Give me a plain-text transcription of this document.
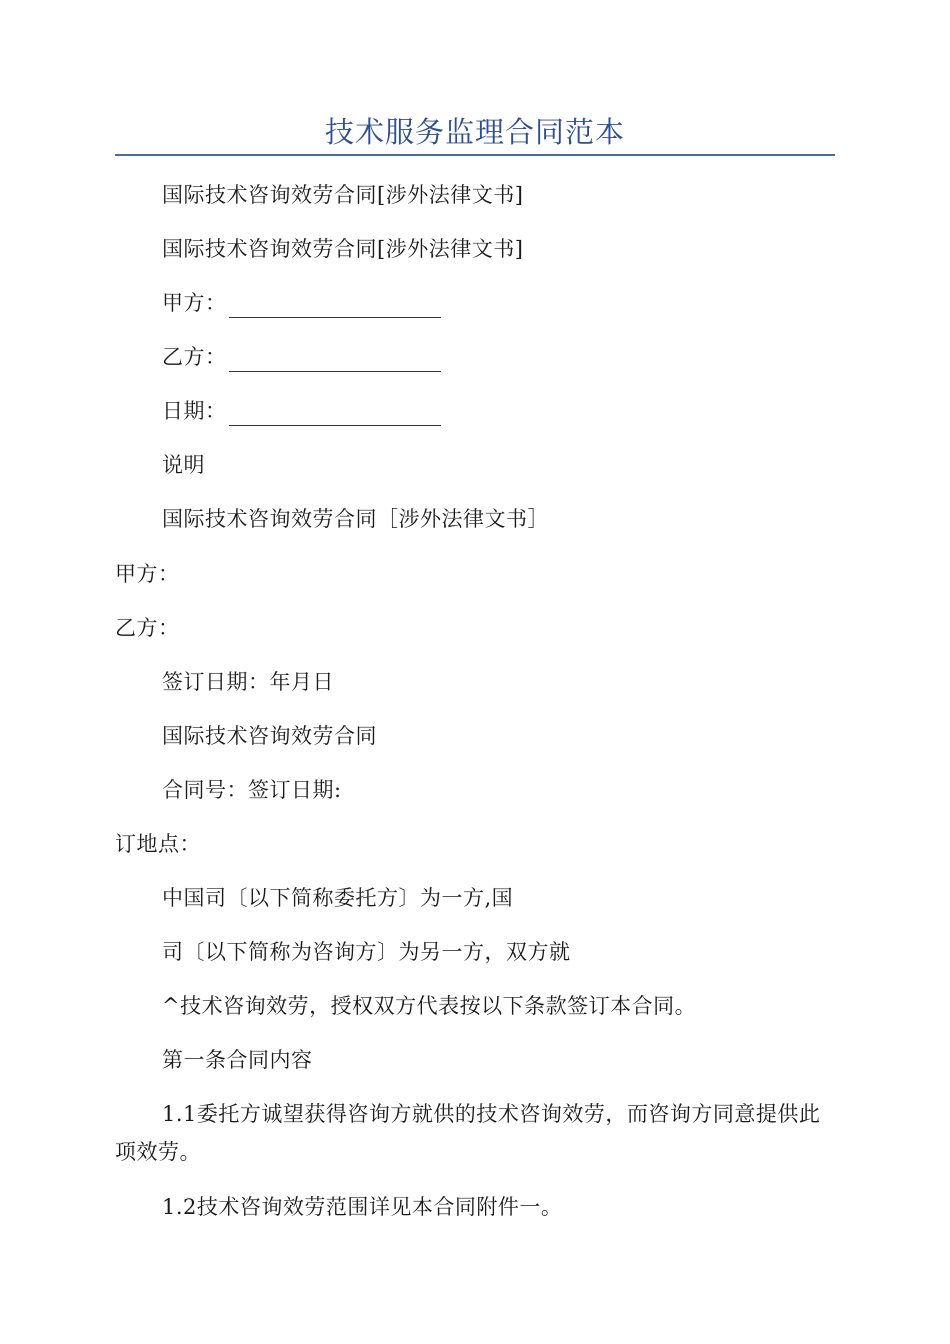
技术服务监理合同范本
国际技术咨询效劳合同[涉外法律文书]
国际技术咨询效劳合同[涉外法律文书]
甲方：
乙方：
日期：
说明
国际技术咨询效劳合同［涉外法律文书］
甲方：
乙方：
签订日期：年月日
国际技术咨询效劳合同
合同号：签订日期:
订地点：
中国司〔以下简称委托方〕为一方,国
司〔以下简称为咨询方〕为另一方，双方就
^技术咨询效劳，授权双方代表按以下条款签订本合同。
第一条合同内容
1.1委托方诚望获得咨询方就供的技术咨询效劳，而咨询方同意提供此项效劳。
1.2技术咨询效劳范围详见本合同附件一。
